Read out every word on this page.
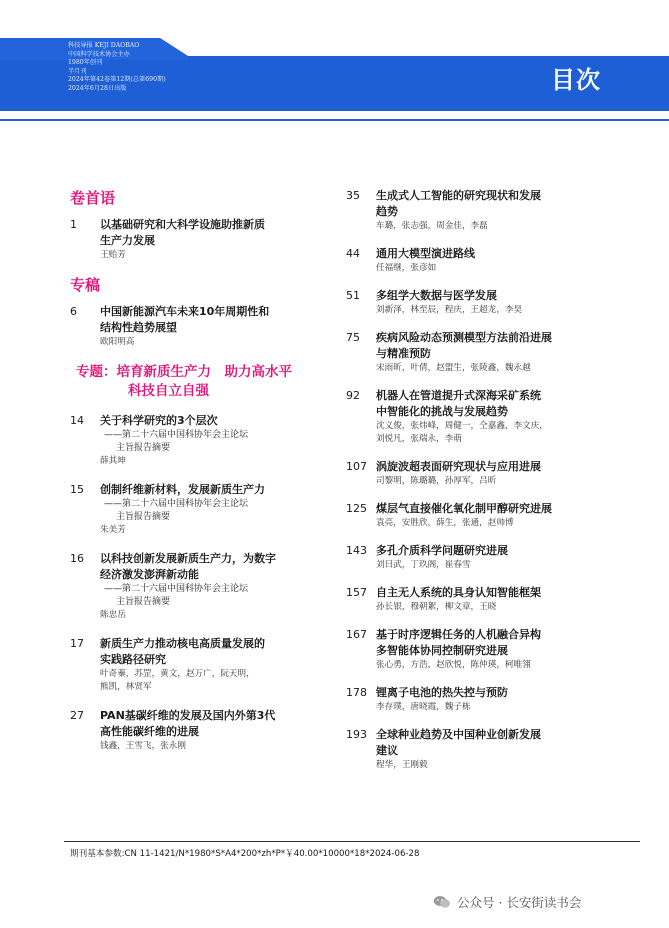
科技导报 KEJI DAOBAO
中国科学技术协会主办
1980年创刊
半月刊
2024年第42卷第12期(总第690期)
2024年6月28日出版	目次
卷首语
1 以基础研究和大科学设施助推新质
生产力发展
王贻芳
专稿
6 中国新能源汽车未来10年周期性和
结构性趋势展望
欧阳明高
专题：培育新质生产力　助力高水平
科技自立自强
14 关于科学研究的3个层次
——第二十六届中国科协年会主论坛
主旨报告摘要
薛其坤
15 创制纤维新材料，发展新质生产力
——第二十六届中国科协年会主论坛
主旨报告摘要
朱美芳
16 以科技创新发展新质生产力，为数字
经济激发澎湃新动能
——第二十六届中国科协年会主论坛
主旨报告摘要
陈忠岳
17 新质生产力推动核电高质量发展的
实践路径研究
叶奇蓁，苏罡，黄文，赵万广，阮天明，
熊凯，林贤军
27 PAN基碳纤维的发展及国内外第3代
高性能碳纤维的进展
钱鑫，王雪飞，张永刚
35 生成式人工智能的研究现状和发展
趋势
车璐，张志强，周金佳，李磊
44 通用大模型演进路线
任福继，张彦如
51 多组学大数据与医学发展
刘新泽，林至辰，程庆，王超龙，李昊
75 疾病风险动态预测模型方法前沿进展
与精准预防
宋雨昕，叶倩，赵盟生，张陵鑫，魏永越
92 机器人在管道提升式深海采矿系统
中智能化的挑战与发展趋势
沈义俊，张炜峰，周健一，仝嘉鑫，李文庆，
刘悦凡，张瑞永，李萌
107 涡旋波超表面研究现状与应用进展
司黎明，陈璐璐，孙厚军，吕昕
125 煤层气直接催化氧化制甲醇研究进展
袁亮，安胜欣，薛生，张通，赵帅博
143 多孔介质科学问题研究进展
刘曰武，丁玖阁，崔春雪
157 自主无人系统的具身认知智能框架
孙长银，穆朝絮，柳文章，王晓
167 基于时序逻辑任务的人机融合异构
多智能体协同控制研究进展
张心勇，方浩，赵欣悦，陈仲瑛，柯唯翎
178 锂离子电池的热失控与预防
李存璞，唐晓霞，魏子栋
193 全球种业趋势及中国种业创新发展
建议
程华，王刚毅
期刊基本参数:CN 11-1421/N*1980*S*A4*200*zh*P*￥40.00*10000*18*2024-06-28
公众号 · 长安街读书会
